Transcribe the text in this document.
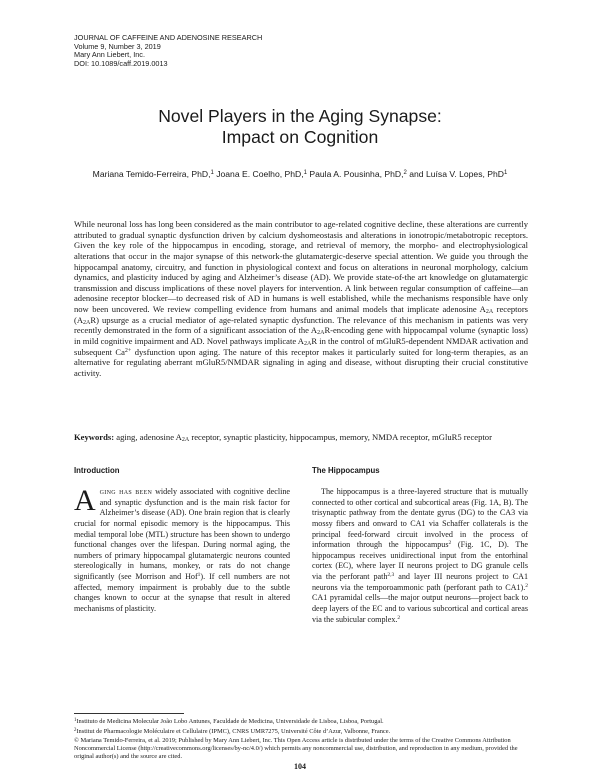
JOURNAL OF CAFFEINE AND ADENOSINE RESEARCH
Volume 9, Number 3, 2019
Mary Ann Liebert, Inc.
DOI: 10.1089/caff.2019.0013
Novel Players in the Aging Synapse:
Impact on Cognition
Mariana Temido-Ferreira, PhD,$^1$ Joana E. Coelho, PhD,$^1$ Paula A. Pousinha, PhD,$^2$ and Luísa V. Lopes, PhD$^1$

While neuronal loss has long been considered as the main contributor to age-related cognitive decline, these alterations are currently attributed to gradual synaptic dysfunction driven by calcium dyshomeostasis and alterations in ionotropic/metabotropic receptors. Given the key role of the hippocampus in encoding, storage, and retrieval of memory, the morpho- and electrophysiological alterations that occur in the major synapse of this network-the glutamatergic-deserve special attention. We guide you through the hippocampal anatomy, circuitry, and function in physiological context and focus on alterations in neuronal morphology, calcium dynamics, and plasticity induced by aging and Alzheimer’s disease (AD). We provide state-of-the art knowledge on glutamatergic transmission and discuss implications of these novel players for intervention. A link between regular consumption of caffeine—an adenosine receptor blocker—to decreased risk of AD in humans is well established, while the mechanisms responsible have only now been uncovered. We review compelling evidence from humans and animal models that implicate adenosine $A_{2A}$ receptors $(A_{2A}R)$ upsurge as a crucial mediator of age-related synaptic dysfunction. The relevance of this mechanism in patients was very recently demonstrated in the form of a significant association of the $A_{2A}R$-encoding gene with hippocampal volume (synaptic loss) in mild cognitive impairment and AD. Novel pathways implicate $A_{2A}R$ in the control of mGluR5-dependent NMDAR activation and subsequent $Ca^{2+}$ dysfunction upon aging. The nature of this receptor makes it particularly suited for long-term therapies, as an alternative for regulating aberrant mGluR5/NMDAR signaling in aging and disease, without disrupting their crucial constitutive activity.

Keywords: aging, adenosine $A_{2A}$ receptor, synaptic plasticity, hippocampus, memory, NMDA receptor, mGluR5 receptor

Introduction

Aging has been widely associated with cognitive decline and synaptic dysfunction and is the main risk factor for Alzheimer’s disease (AD). One brain region that is clearly crucial for normal episodic memory is the hippocampus. This medial temporal lobe (MTL) structure has been shown to undergo functional changes over the lifespan. During normal aging, the numbers of primary hippocampal glutamatergic neurons counted stereologically in humans, monkey, or rats do not change significantly (see Morrison and Hof$^1$). If cell numbers are not affected, memory impairment is probably due to the subtle changes known to occur at the synapse that result in altered mechanisms of plasticity.

The Hippocampus

The hippocampus is a three-layered structure that is mutually connected to other cortical and subcortical areas (Fig. 1A, B). The trisynaptic pathway from the dentate gyrus (DG) to the CA3 via mossy fibers and onward to CA1 via Schaffer collaterals is the principal feed-forward circuit involved in the process of information through the hippocampus$^2$ (Fig. 1C, D). The hippocampus receives unidirectional input from the entorhinal cortex (EC), where layer II neurons project to DG granule cells via the perforant path$^{2,3}$ and layer III neurons project to CA1 neurons via the temporoammonic path (perforant path to CA1).$^2$ CA1 pyramidal cells—the major output neurons—project back to deep layers of the EC and to various subcortical and cortical areas via the subicular complex.$^2$

$^1$Instituto de Medicina Molecular João Lobo Antunes, Faculdade de Medicina, Universidade de Lisboa, Lisboa, Portugal.

$^2$Institut de Pharmacologie Moléculaire et Cellulaire (IPMC), CNRS UMR7275, Université Côte d’Azur, Valbonne, France.

© Mariana Temido-Ferreira, et al. 2019; Published by Mary Ann Liebert, Inc. This Open Access article is distributed under the terms of the Creative Commons Attribution Noncommercial License (http://creativecommons.org/licenses/by-nc/4.0/) which permits any noncommercial use, distribution, and reproduction in any medium, provided the original author(s) and the source are cited.

104
